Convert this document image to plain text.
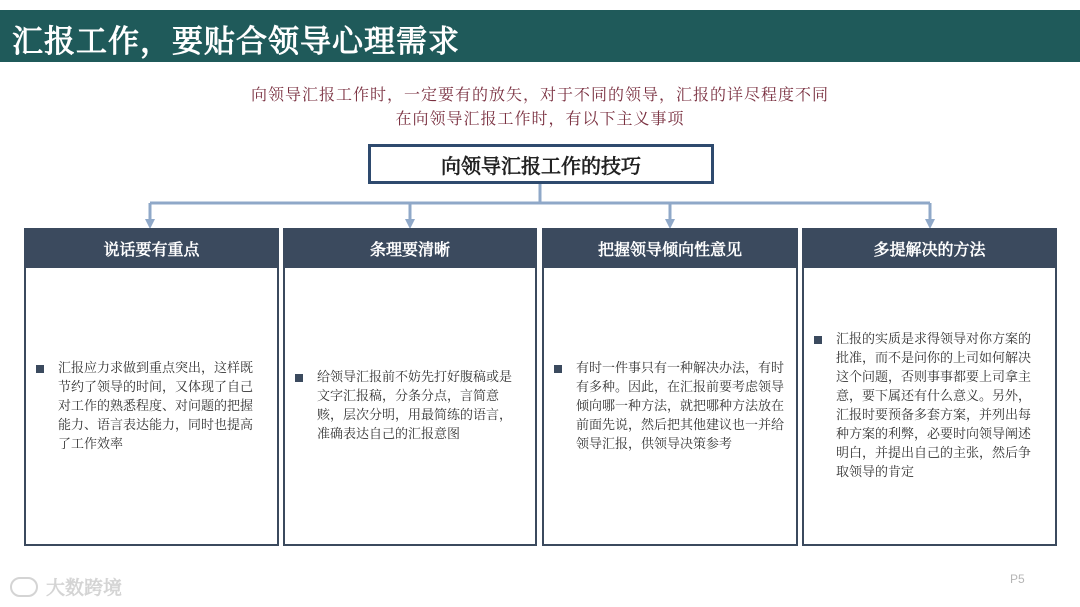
汇报工作，要贴合领导心理需求
向领导汇报工作时，一定要有的放矢，对于不同的领导，汇报的详尽程度不同
在向领导汇报工作时，有以下主义事项
向领导汇报工作的技巧
说话要有重点
汇报应力求做到重点突出，这样既节约了领导的时间，又体现了自己对工作的熟悉程度、对问题的把握能力、语言表达能力，同时也提高了工作效率
条理要清晰
给领导汇报前不妨先打好腹稿或是文字汇报稿，分条分点，言简意赅，层次分明，用最简练的语言，准确表达自己的汇报意图
把握领导倾向性意见
有时一件事只有一种解决办法，有时有多种。因此，在汇报前要考虑领导倾向哪一种方法，就把哪种方法放在前面先说，然后把其他建议也一并给领导汇报，供领导决策参考
多提解决的方法
汇报的实质是求得领导对你方案的批准，而不是问你的上司如何解决这个问题，否则事事都要上司拿主意，要下属还有什么意义。另外，汇报时要预备多套方案，并列出每种方案的利弊，必要时向领导阐述明白，并提出自己的主张，然后争取领导的肯定
大数跨境	P5
